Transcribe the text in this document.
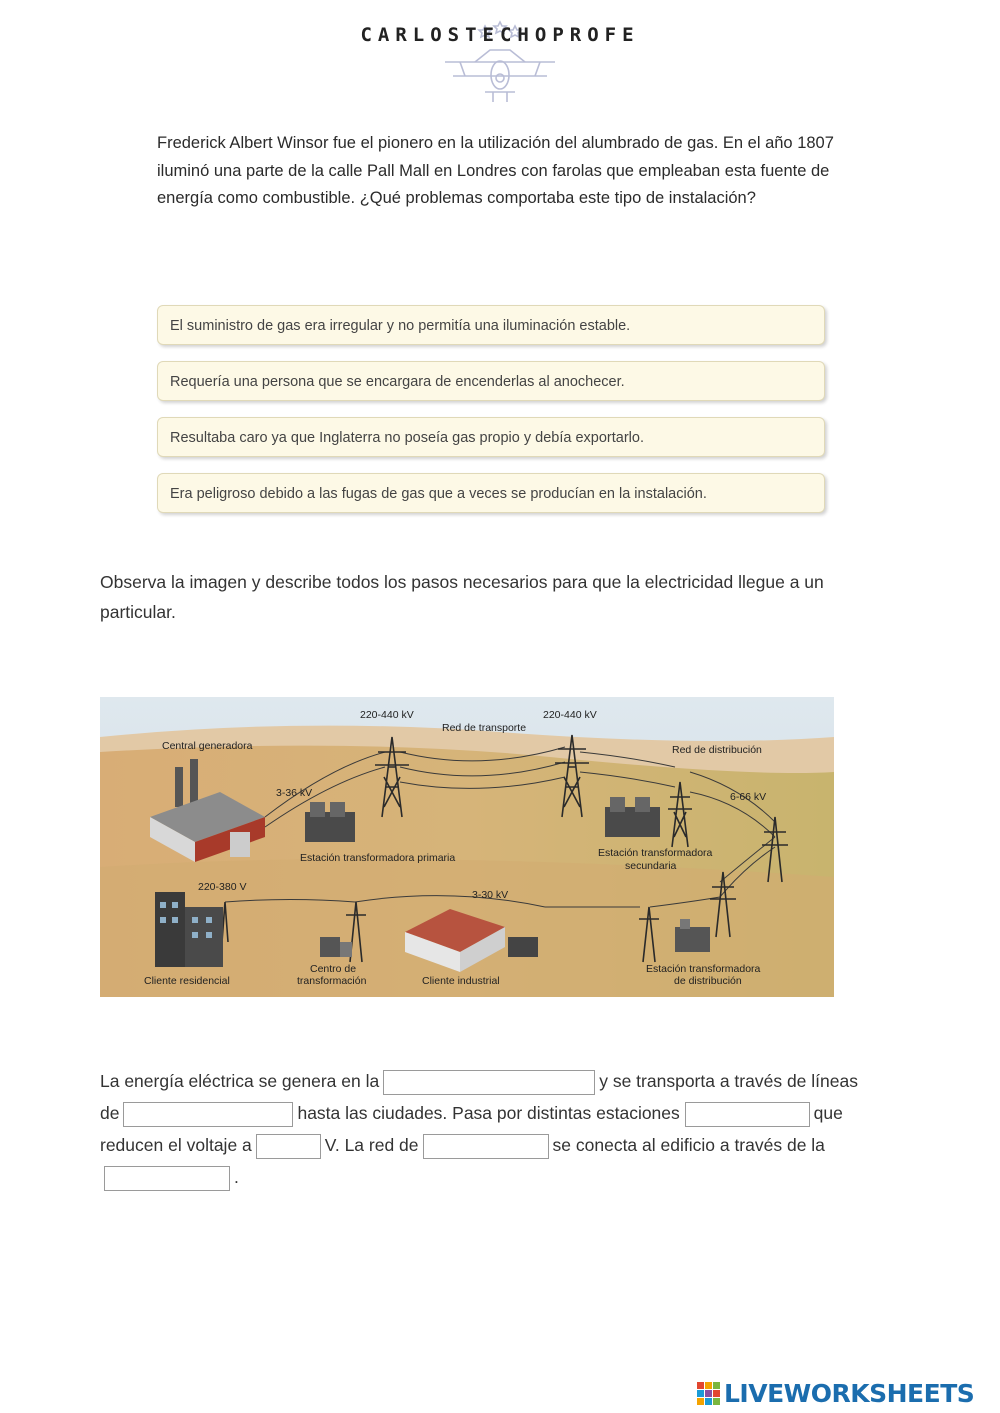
CARLOSTECHOPROFE
Frederick Albert Winsor fue el pionero en la utilización del alumbrado de gas. En el año 1807 iluminó una parte de la calle Pall Mall en Londres con farolas que empleaban esta fuente de energía como combustible. ¿Qué problemas comportaba este tipo de instalación?
El suministro de gas era irregular y no permitía una iluminación estable.
Requería una persona que se encargara de encenderlas al anochecer.
Resultaba caro ya que Inglaterra no poseía gas propio y debía exportarlo.
Era peligroso debido a las fugas de gas que a veces se producían en la instalación.
Observa la imagen y describe todos los pasos necesarios para que la electricidad llegue a un particular.
220-440 kV	220-440 kV
Red de transporte
Central generadora	Red de distribución
3-36 kV	6-66 kV
Estación transformadora primaria	Estación transformadora
secundaria
220-380 V
3-30 kV
Cliente residencial
Centro de
transformación	Cliente industrial
Estación transformadora
de distribución
La energía eléctrica se genera en la	y se transporta a través de líneas de	hasta las ciudades. Pasa por distintas estaciones	que reducen el voltaje a	V. La red de	se conecta al edificio a través de la.
LIVEWORKSHEETS
